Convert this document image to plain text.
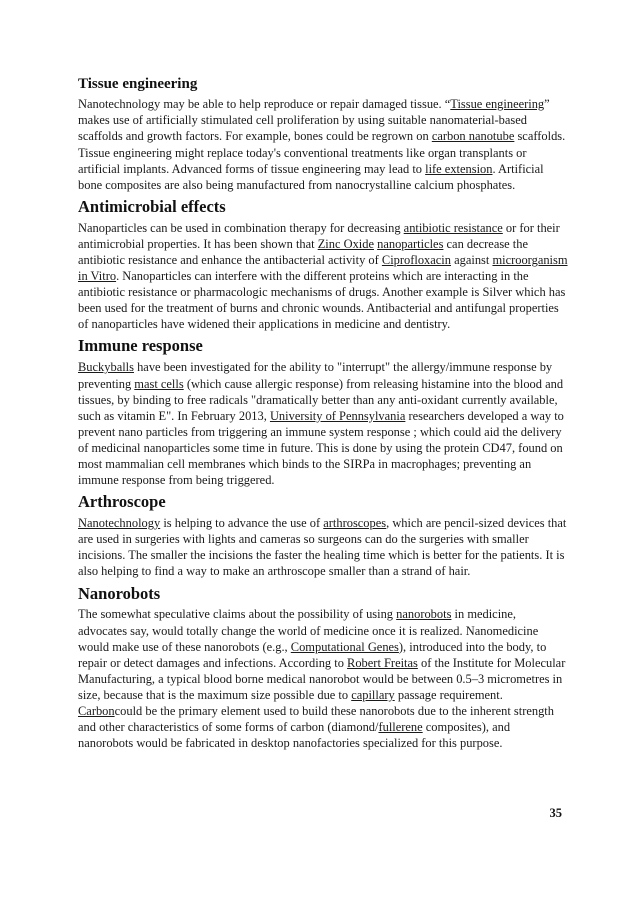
Tissue engineering

Nanotechnology may be able to help reproduce or repair damaged tissue. “Tissue engineering” makes use of artificially stimulated cell proliferation by using suitable nanomaterial-based scaffolds and growth factors. For example, bones could be regrown on carbon nanotube scaffolds. Tissue engineering might replace today's conventional treatments like organ transplants or artificial implants. Advanced forms of tissue engineering may lead to life extension. Artificial bone composites are also being manufactured from nanocrystalline calcium phosphates.

Antimicrobial effects

Nanoparticles can be used in combination therapy for decreasing antibiotic resistance or for their antimicrobial properties. It has been shown that Zinc Oxide nanoparticles can decrease the antibiotic resistance and enhance the antibacterial activity of Ciprofloxacin against microorganism in Vitro. Nanoparticles can interfere with the different proteins which are interacting in the antibiotic resistance or pharmacologic mechanisms of drugs. Another example is Silver which has been used for the treatment of burns and chronic wounds. Antibacterial and antifungal properties of nanoparticles have widened their applications in medicine and dentistry.

Immune response

Buckyballs have been investigated for the ability to "interrupt" the allergy/immune response by preventing mast cells (which cause allergic response) from releasing histamine into the blood and tissues, by binding to free radicals "dramatically better than any anti-oxidant currently available, such as vitamin E". In February 2013, University of Pennsylvania researchers developed a way to prevent nano particles from triggering an immune system response ; which could aid the delivery of medicinal nanoparticles some time in future. This is done by using the protein CD47, found on most mammalian cell membranes which binds to the SIRPa in macrophages; preventing an immune response from being triggered.

Arthroscope

Nanotechnology is helping to advance the use of arthroscopes, which are pencil-sized devices that are used in surgeries with lights and cameras so surgeons can do the surgeries with smaller incisions. The smaller the incisions the faster the healing time which is better for the patients. It is also helping to find a way to make an arthroscope smaller than a strand of hair.

Nanorobots

The somewhat speculative claims about the possibility of using nanorobots in medicine, advocates say, would totally change the world of medicine once it is realized. Nanomedicine would make use of these nanorobots (e.g., Computational Genes), introduced into the body, to repair or detect damages and infections. According to Robert Freitas of the Institute for Molecular Manufacturing, a typical blood borne medical nanorobot would be between 0.5–3 micrometres in size, because that is the maximum size possible due to capillary passage requirement. Carboncould be the primary element used to build these nanorobots due to the inherent strength and other characteristics of some forms of carbon (diamond/fullerene composites), and nanorobots would be fabricated in desktop nanofactories specialized for this purpose.

35
